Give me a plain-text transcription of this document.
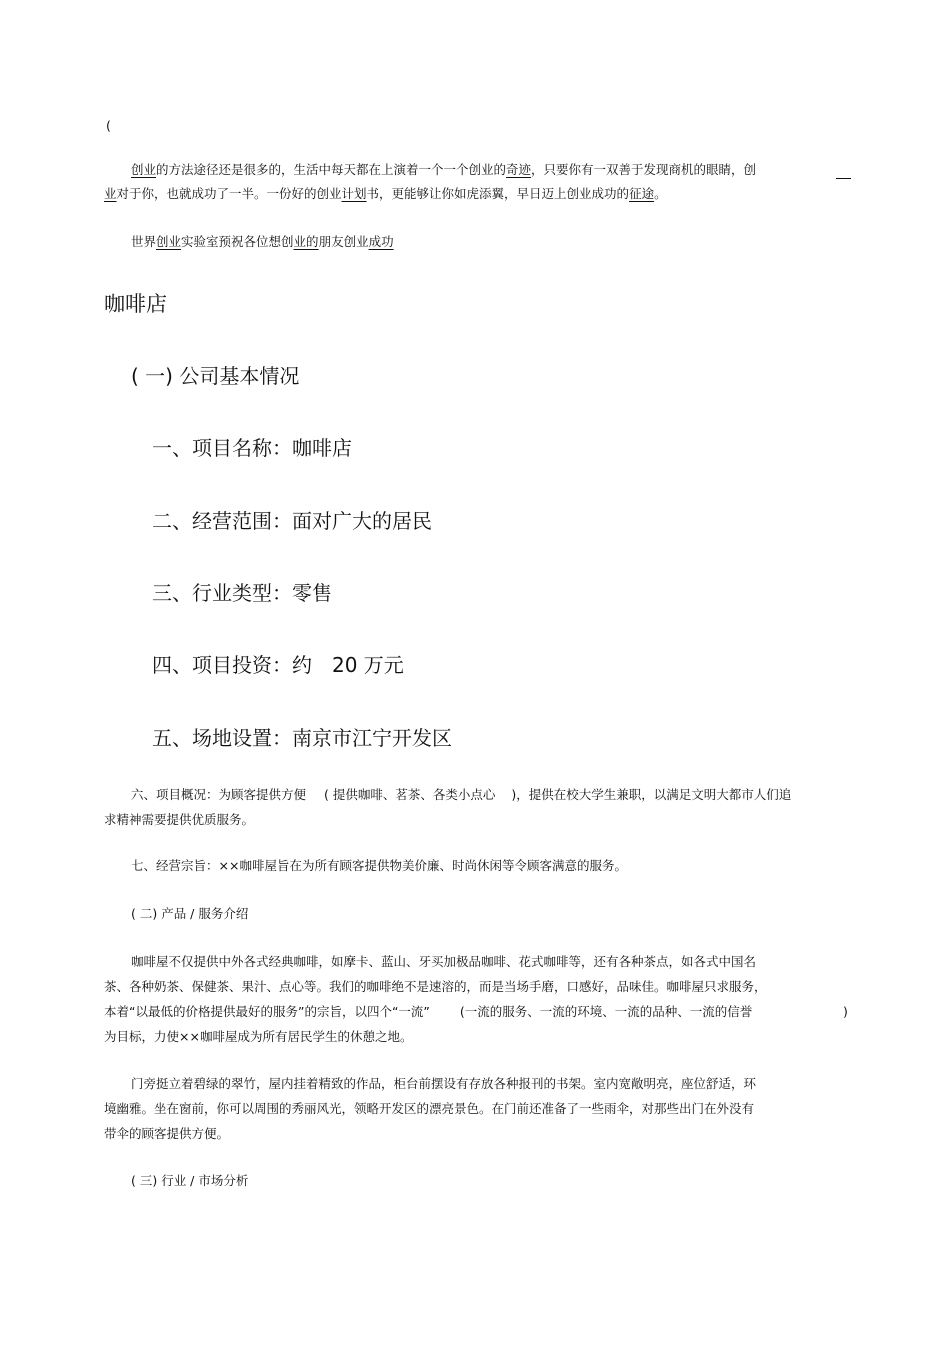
(
创业的方法途径还是很多的，生活中每天都在上演着一个一个创业的奇迹，只要你有一双善于发现商机的眼睛，创
业对于你，也就成功了一半。一份好的创业计划书，更能够让你如虎添翼，早日迈上创业成功的征途。
世界创业实验室预祝各位想创业的朋友创业成功
咖啡店
( 一) 公司基本情况
一、项目名称：咖啡店
二、经营范围：面对广大的居民
三、行业类型：零售
四、项目投资：约　20 万元
五、场地设置：南京市江宁开发区
六、项目概况：为顾客提供方便 ( 提供咖啡、茗茶、各类小点心 )，提供在校大学生兼职，以满足文明大都市人们追
求精神需要提供优质服务。
七、经营宗旨：××咖啡屋旨在为所有顾客提供物美价廉、时尚休闲等令顾客满意的服务。
( 二) 产品 / 服务介绍
咖啡屋不仅提供中外各式经典咖啡，如摩卡、蓝山、牙买加极品咖啡、花式咖啡等，还有各种茶点，如各式中国名
茶、各种奶茶、保健茶、果汁、点心等。我们的咖啡绝不是速溶的，而是当场手磨，口感好，品味佳。咖啡屋只求服务，
本着“以最低的价格提供最好的服务”的宗旨，以四个“一流” (一流的服务、一流的环境、一流的品种、一流的信誉	)
为目标，力使××咖啡屋成为所有居民学生的休憩之地。
门旁挺立着碧绿的翠竹，屋内挂着精致的作品，柜台前摆设有存放各种报刊的书架。室内宽敞明亮，座位舒适，环
境幽雅。坐在窗前，你可以周围的秀丽风光，领略开发区的漂亮景色。在门前还准备了一些雨伞，对那些出门在外没有
带伞的顾客提供方便。
( 三) 行业 / 市场分析
